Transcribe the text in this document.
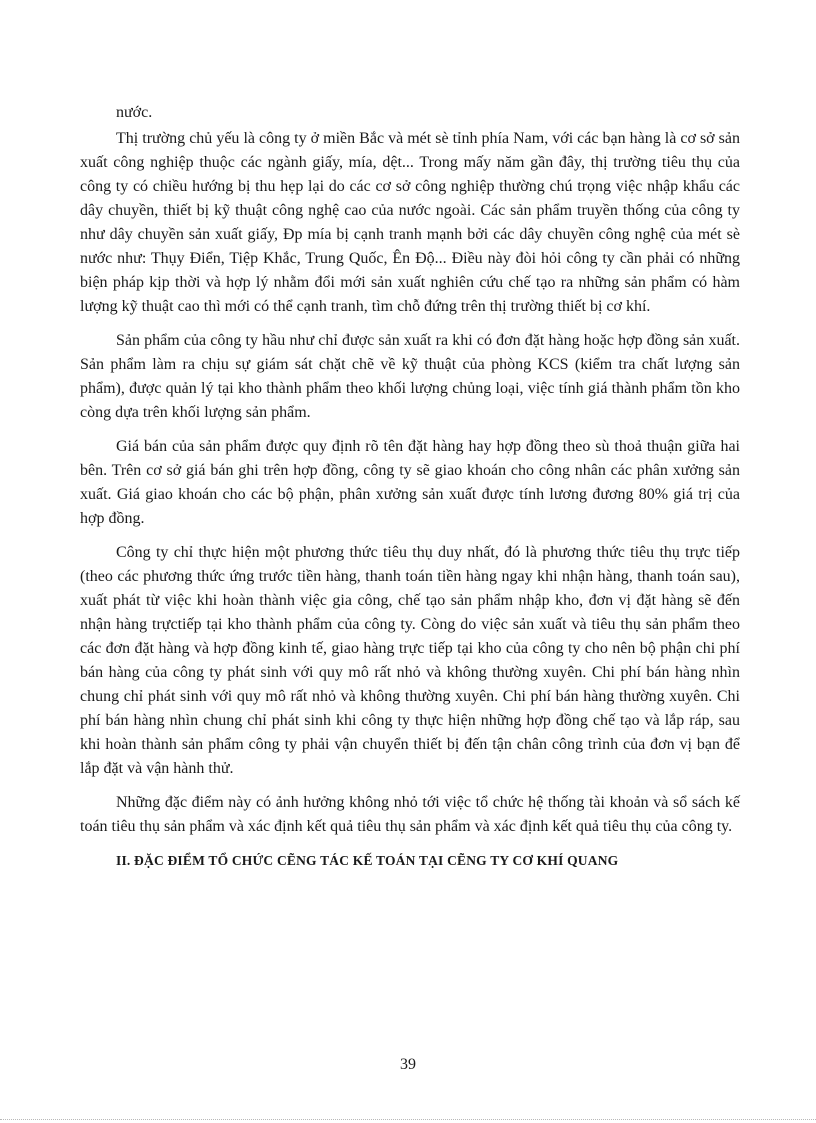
nước.

Thị trường chủ yếu là công ty ở miền Bắc và mét sè tỉnh phía Nam, với các bạn hàng là cơ sở sản xuất công nghiệp thuộc các ngành giấy, mía, dệt... Trong mấy năm gần đây, thị trường tiêu thụ của công ty có chiều hướng bị thu hẹp lại do các cơ sở công nghiệp thường chú trọng việc nhập khẩu các dây chuyền, thiết bị kỹ thuật công nghệ cao của nước ngoài. Các sản phẩm truyền thống của công ty như dây chuyền sản xuất giấy, Đp mía bị cạnh tranh mạnh bởi các dây chuyền công nghệ của mét sè nước như: Thụy Điển, Tiệp Khắc, Trung Quốc, Ên Độ... Điều này đòi hỏi công ty cần phải có những biện pháp kịp thời và hợp lý nhằm đổi mới sản xuất nghiên cứu chế tạo ra những sản phẩm có hàm lượng kỹ thuật cao thì mới có thể cạnh tranh, tìm chỗ đứng trên thị trường thiết bị cơ khí.

Sản phẩm của công ty hầu như chỉ được sản xuất ra khi có đơn đặt hàng hoặc hợp đồng sản xuất. Sản phẩm làm ra chịu sự giám sát chặt chẽ về kỹ thuật của phòng KCS (kiểm tra chất lượng sản phẩm), được quản lý tại kho thành phẩm theo khối lượng chủng loại, việc tính giá thành phẩm tồn kho còng dựa trên khối lượng sản phẩm.

Giá bán của sản phẩm được quy định rõ tên đặt hàng hay hợp đồng theo sù thoả thuận giữa hai bên. Trên cơ sở giá bán ghi trên hợp đồng, công ty sẽ giao khoán cho công nhân các phân xưởng sản xuất. Giá giao khoán cho các bộ phận, phân xưởng sản xuất được tính lương đương 80% giá trị của hợp đồng.

Công ty chỉ thực hiện một phương thức tiêu thụ duy nhất, đó là phương thức tiêu thụ trực tiếp (theo các phương thức ứng trước tiền hàng, thanh toán tiền hàng ngay khi nhận hàng, thanh toán sau), xuất phát từ việc khi hoàn thành việc gia công, chế tạo sản phẩm nhập kho, đơn vị đặt hàng sẽ đến nhận hàng trựctiếp tại kho thành phẩm của công ty. Còng do việc sản xuất và tiêu thụ sản phẩm theo các đơn đặt hàng và hợp đồng kinh tế, giao hàng trực tiếp tại kho của công ty cho nên bộ phận chi phí bán hàng của công ty phát sinh với quy mô rất nhỏ và không thường xuyên. Chi phí bán hàng nhìn chung chỉ phát sinh với quy mô rất nhỏ và không thường xuyên. Chi phí bán hàng thường xuyên. Chi phí bán hàng nhìn chung chỉ phát sinh khi công ty thực hiện những hợp đồng chế tạo và lắp ráp, sau khi hoàn thành sản phẩm công ty phải vận chuyển thiết bị đến tận chân công trình của đơn vị bạn để lắp đặt và vận hành thử.

Những đặc điểm này có ảnh hưởng không nhỏ tới việc tổ chức hệ thống tài khoản và sổ sách kế toán tiêu thụ sản phẩm và xác định kết quả tiêu thụ sản phẩm và xác định kết quả tiêu thụ của công ty.

II. ĐẶC ĐIỂM TỔ CHỨC CẼNG TÁC KẾ TOÁN TẠI CẼNG TY CƠ KHÍ QUANG
39
